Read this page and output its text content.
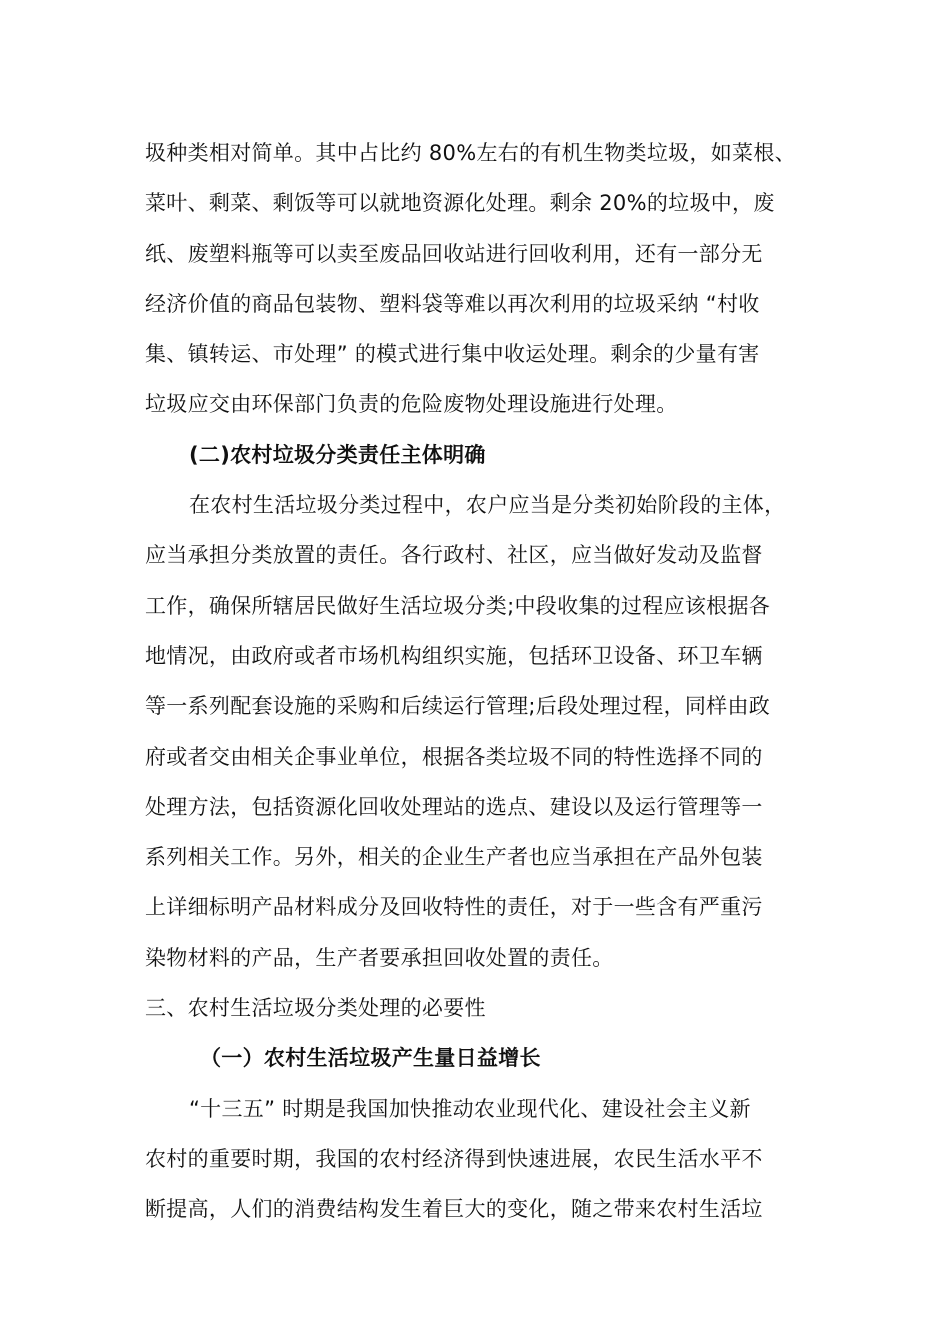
圾种类相对简单。其中占比约 80%左右的有机生物类垃圾，如菜根、
菜叶、剩菜、剩饭等可以就地资源化处理。剩余 20%的垃圾中，废
纸、废塑料瓶等可以卖至废品回收站进行回收利用，还有一部分无
经济价值的商品包装物、塑料袋等难以再次利用的垃圾采纳 “村收
集、镇转运、市处理” 的模式进行集中收运处理。剩余的少量有害
垃圾应交由环保部门负责的危险废物处理设施进行处理。
(二)农村垃圾分类责任主体明确
在农村生活垃圾分类过程中，农户应当是分类初始阶段的主体，
应当承担分类放置的责任。各行政村、社区，应当做好发动及监督
工作，确保所辖居民做好生活垃圾分类;中段收集的过程应该根据各
地情况，由政府或者市场机构组织实施，包括环卫设备、环卫车辆
等一系列配套设施的采购和后续运行管理;后段处理过程，同样由政
府或者交由相关企事业单位，根据各类垃圾不同的特性选择不同的
处理方法，包括资源化回收处理站的选点、建设以及运行管理等一
系列相关工作。另外，相关的企业生产者也应当承担在产品外包装
上详细标明产品材料成分及回收特性的责任，对于一些含有严重污
染物材料的产品，生产者要承担回收处置的责任。
三、农村生活垃圾分类处理的必要性
（一）农村生活垃圾产生量日益增长
“十三五” 时期是我国加快推动农业现代化、建设社会主义新
农村的重要时期，我国的农村经济得到快速进展，农民生活水平不
断提高，人们的消费结构发生着巨大的变化，随之带来农村生活垃
